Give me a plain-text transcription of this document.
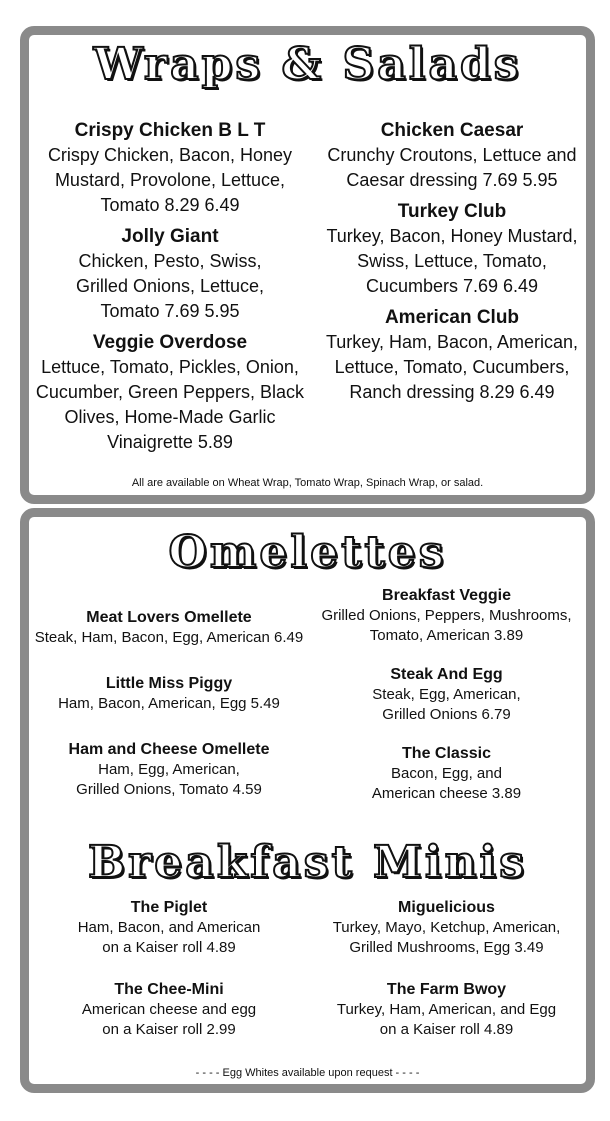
Wraps & Salads
Crispy Chicken B L T
Crispy Chicken, Bacon, Honey
Mustard, Provolone, Lettuce,
Tomato 8.29 6.49
Jolly Giant
Chicken, Pesto, Swiss,
Grilled Onions, Lettuce,
Tomato 7.69 5.95
Veggie Overdose
Lettuce, Tomato, Pickles, Onion,
Cucumber, Green Peppers, Black
Olives, Home-Made Garlic
Vinaigrette 5.89
Chicken Caesar
Crunchy Croutons, Lettuce and
Caesar dressing 7.69 5.95
Turkey Club
Turkey, Bacon, Honey Mustard,
Swiss, Lettuce, Tomato,
Cucumbers 7.69 6.49
American Club
Turkey, Ham, Bacon, American,
Lettuce, Tomato, Cucumbers,
Ranch dressing 8.29 6.49
All are available on Wheat Wrap, Tomato Wrap, Spinach Wrap, or salad.
Omelettes
Meat Lovers Omellete
Steak, Ham, Bacon, Egg, American 6.49
Little Miss Piggy
Ham, Bacon, American, Egg 5.49
Ham and Cheese Omellete
Ham, Egg, American,
Grilled Onions, Tomato 4.59
Breakfast Veggie
Grilled Onions, Peppers, Mushrooms,
Tomato, American 3.89
Steak And Egg
Steak, Egg, American,
Grilled Onions 6.79
The Classic
Bacon, Egg, and
American cheese 3.89
Breakfast Minis
The Piglet
Ham, Bacon, and American
on a Kaiser roll 4.89
The Chee-Mini
American cheese and egg
on a Kaiser roll 2.99
Miguelicious
Turkey, Mayo, Ketchup, American,
Grilled Mushrooms, Egg 3.49
The Farm Bwoy
Turkey, Ham, American, and Egg
on a Kaiser roll 4.89
- - - - Egg Whites available upon request - - - -
